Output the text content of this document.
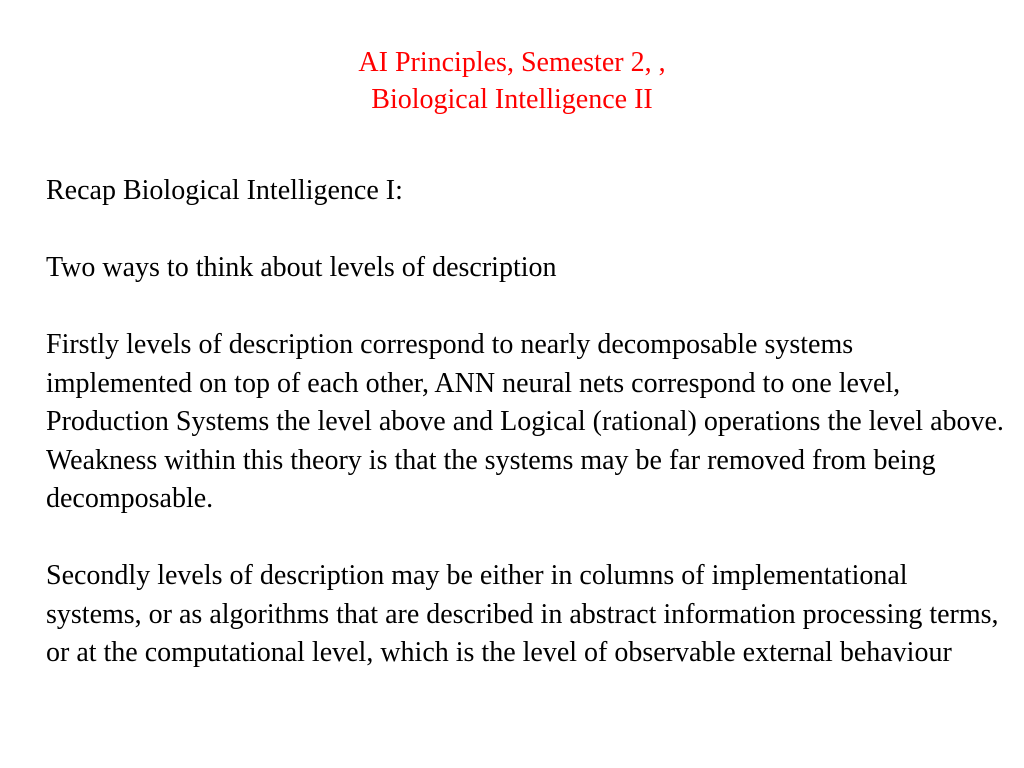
AI Principles, Semester 2, ,
Biological Intelligence II

Recap Biological Intelligence I:

Two ways to think about levels of description

Firstly levels of description correspond to nearly decomposable systems implemented on top of each other, ANN neural nets correspond to one level, Production Systems the level above and Logical (rational) operations the level above. Weakness within this theory is that the systems may be far removed from being decomposable.

Secondly levels of description may be either in columns of implementational systems, or as algorithms that are described in abstract information processing terms, or at the computational level, which is the level of observable external behaviour
